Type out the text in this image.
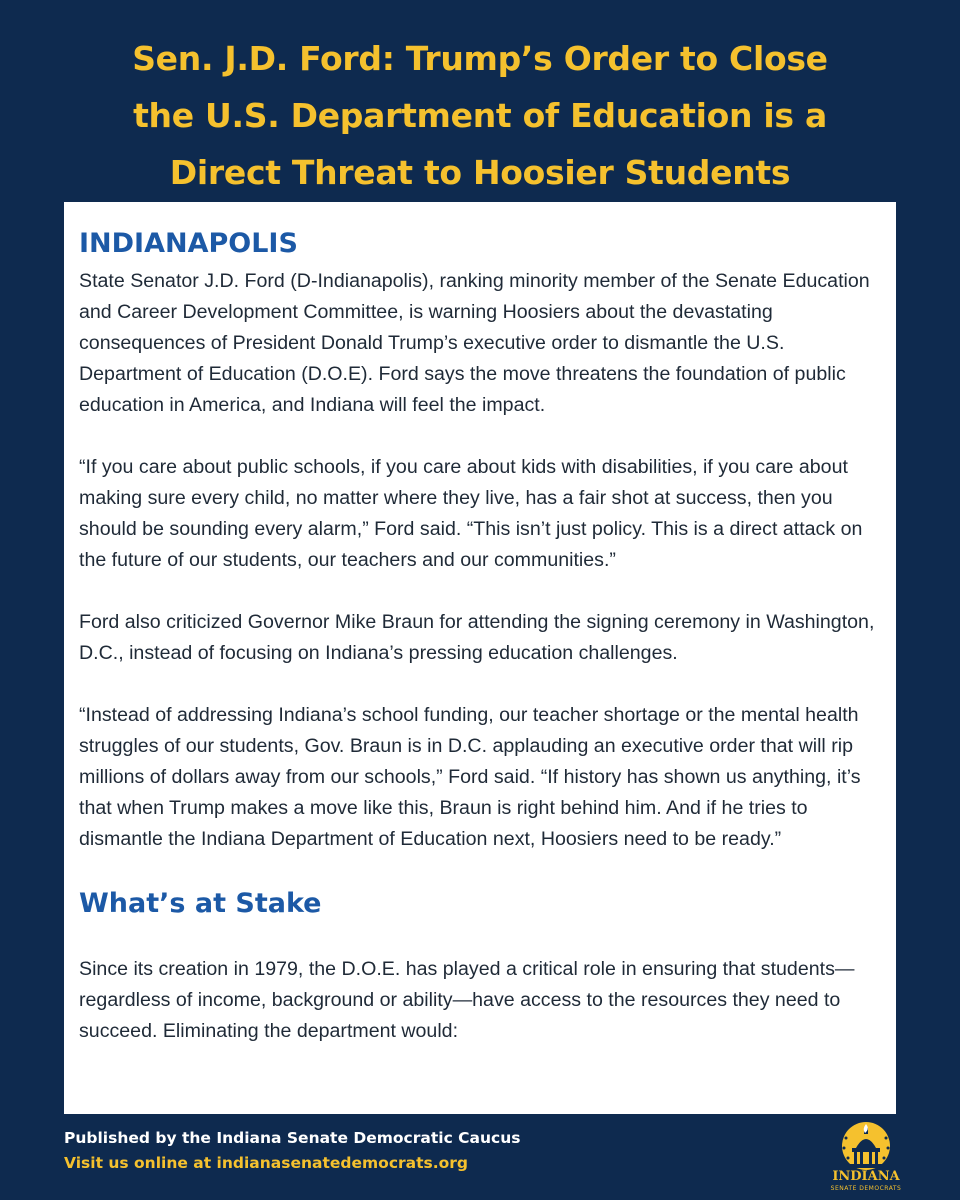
Sen. J.D. Ford: Trump’s Order to Close
the U.S. Department of Education is a
Direct Threat to Hoosier Students
INDIANAPOLIS

State Senator J.D. Ford (D-Indianapolis), ranking minority member of the Senate Education and Career Development Committee, is warning Hoosiers about the devastating consequences of President Donald Trump’s executive order to dismantle the U.S. Department of Education (D.O.E). Ford says the move threatens the foundation of public education in America, and Indiana will feel the impact.

“If you care about public schools, if you care about kids with disabilities, if you care about making sure every child, no matter where they live, has a fair shot at success, then you should be sounding every alarm,” Ford said. “This isn’t just policy. This is a direct attack on the future of our students, our teachers and our communities.”

Ford also criticized Governor Mike Braun for attending the signing ceremony in Washington, D.C., instead of focusing on Indiana’s pressing education challenges.

“Instead of addressing Indiana’s school funding, our teacher shortage or the mental health struggles of our students, Gov. Braun is in D.C. applauding an executive order that will rip millions of dollars away from our schools,” Ford said. “If history has shown us anything, it’s that when Trump makes a move like this, Braun is right behind him. And if he tries to dismantle the Indiana Department of Education next, Hoosiers need to be ready.”

What’s at Stake

Since its creation in 1979, the D.O.E. has played a critical role in ensuring that students—regardless of income, background or ability—have access to the resources they need to succeed. Eliminating the department would:

Published by the Indiana Senate Democratic Caucus
Visit us online at indianasenatedemocrats.org
INDIANA
SENATE DEMOCRATS
